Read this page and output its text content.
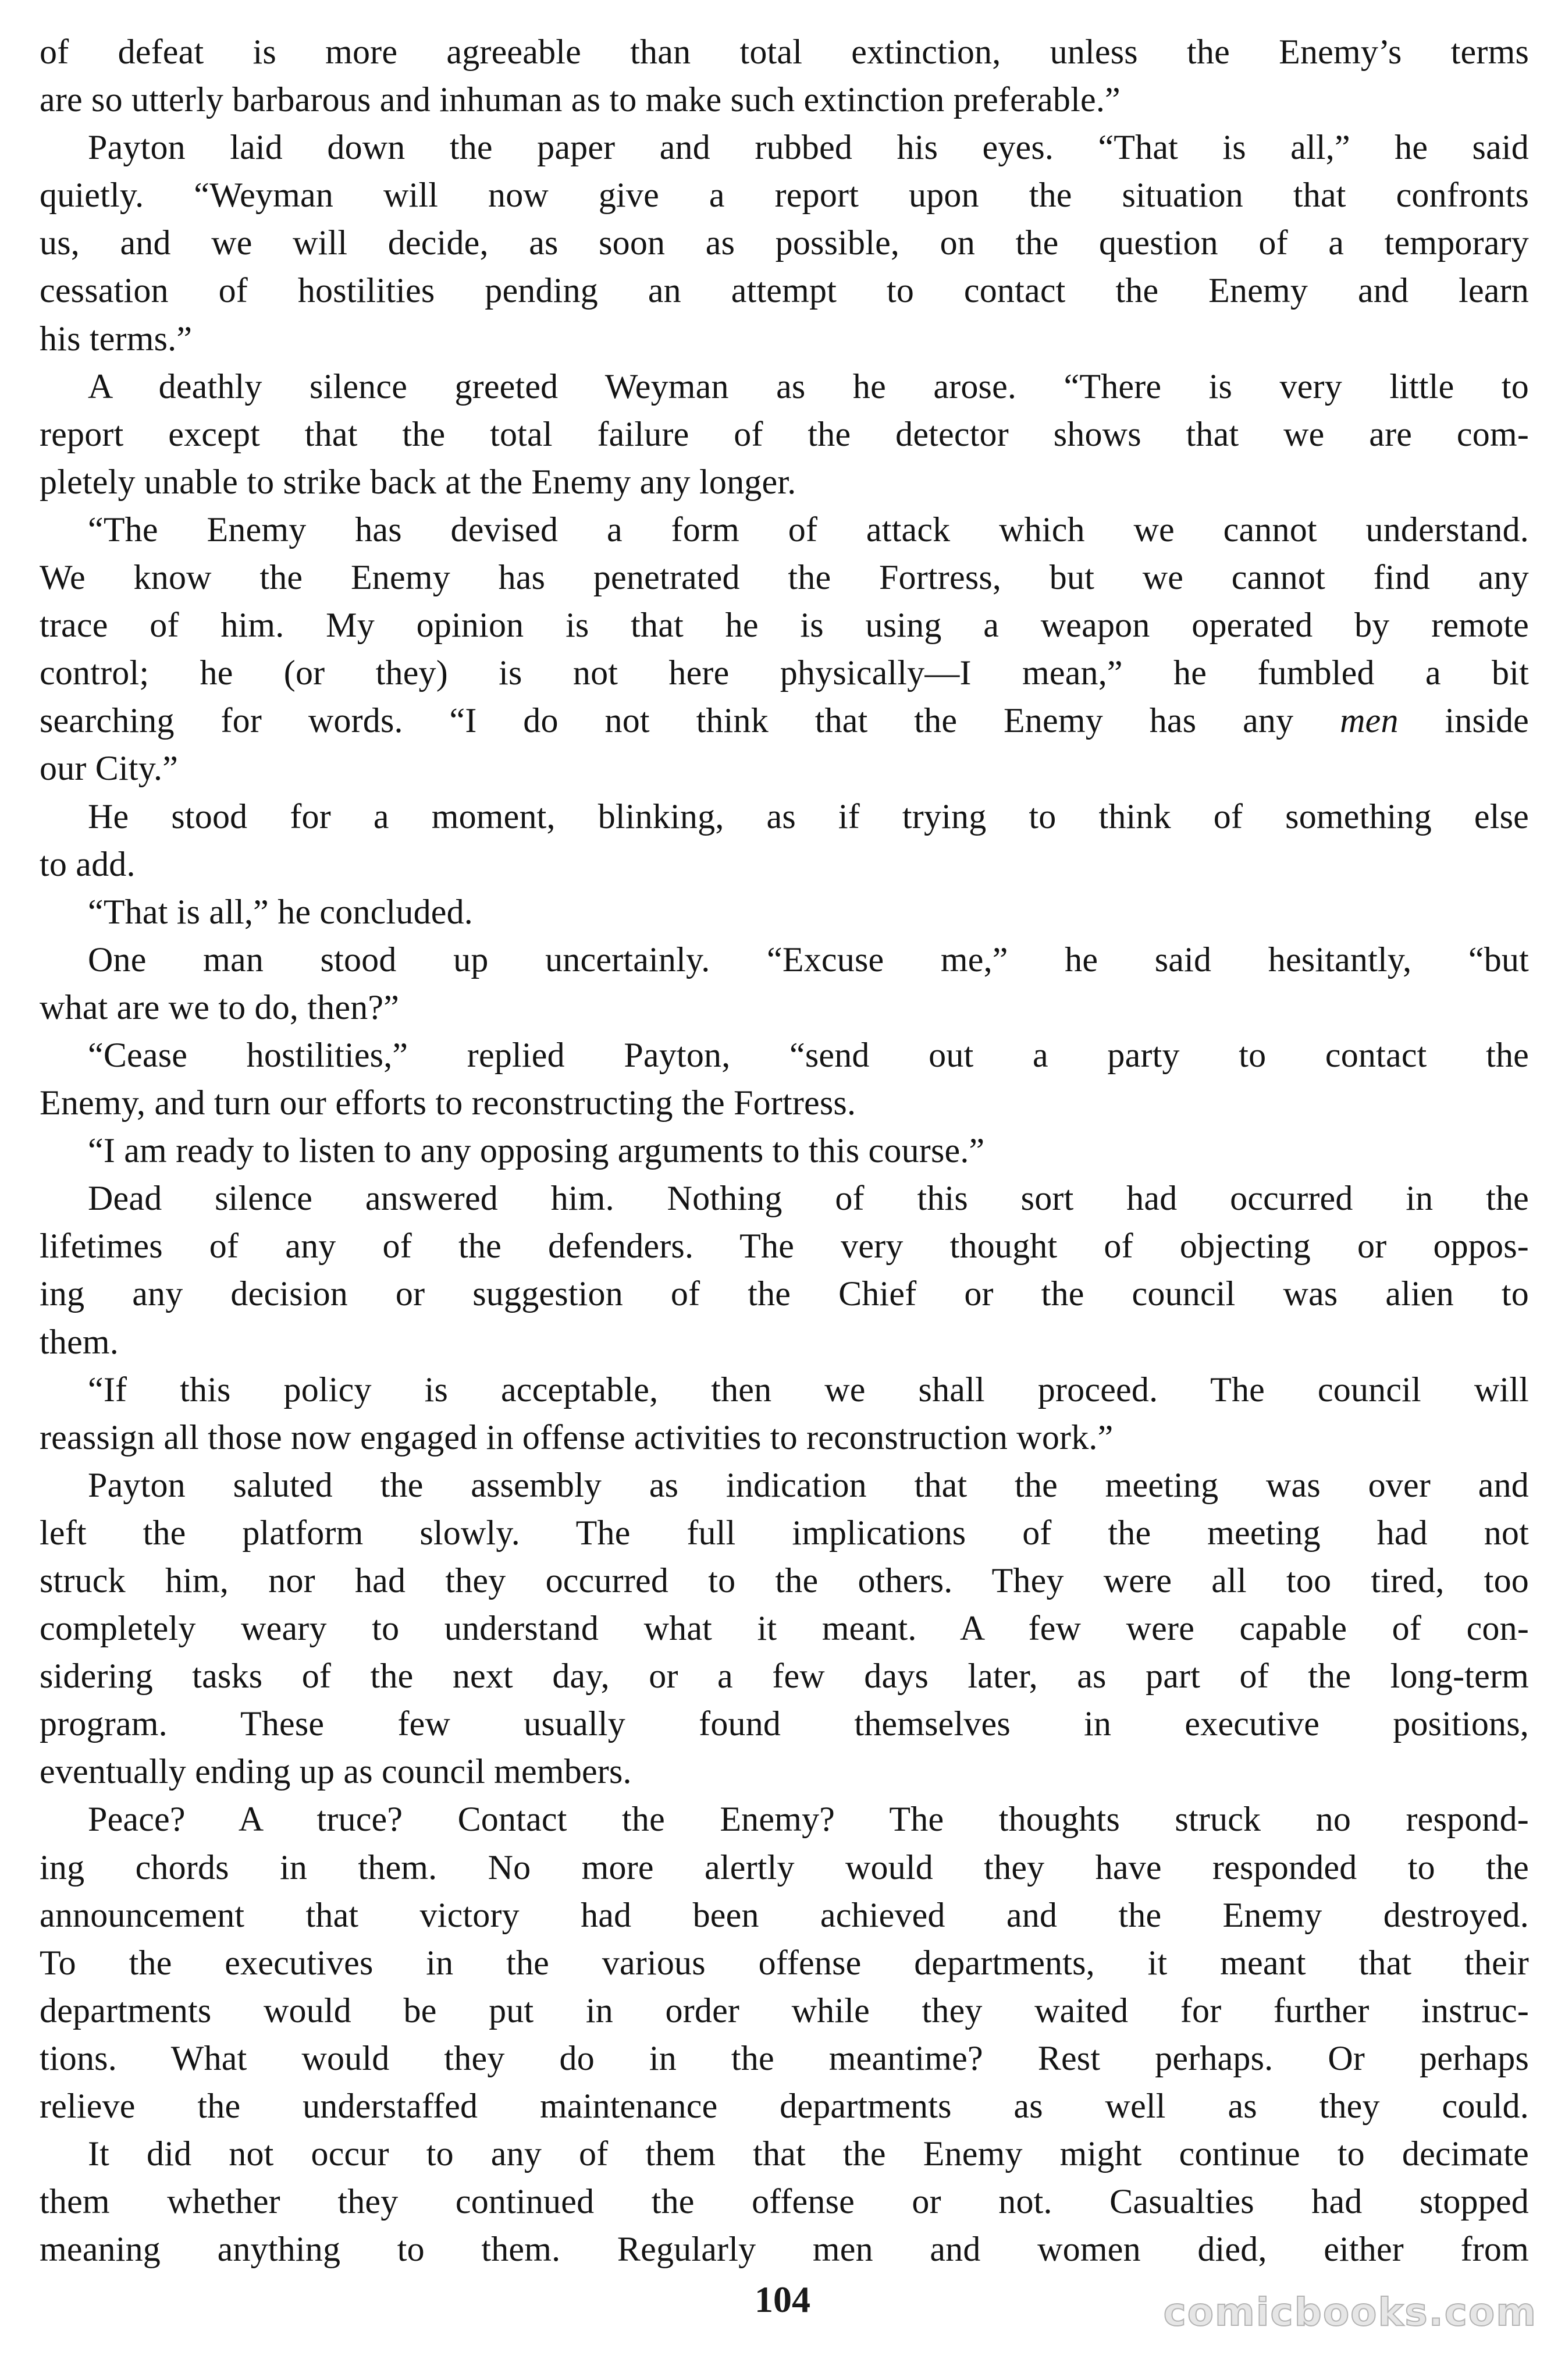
of defeat is more agreeable than total extinction, unless the Enemy’s terms
are so utterly barbarous and inhuman as to make such extinction preferable.”
Payton laid down the paper and rubbed his eyes. “That is all,” he said
quietly. “Weyman will now give a report upon the situation that confronts
us, and we will decide, as soon as possible, on the question of a temporary
cessation of hostilities pending an attempt to contact the Enemy and learn
his terms.”
A deathly silence greeted Weyman as he arose. “There is very little to
report except that the total failure of the detector shows that we are com-
pletely unable to strike back at the Enemy any longer.
“The Enemy has devised a form of attack which we cannot understand.
We know the Enemy has penetrated the Fortress, but we cannot find any
trace of him. My opinion is that he is using a weapon operated by remote
control; he (or they) is not here physically—I mean,” he fumbled a bit
searching for words. “I do not think that the Enemy has any men inside
our City.”
He stood for a moment, blinking, as if trying to think of something else
to add.
“That is all,” he concluded.
One man stood up uncertainly. “Excuse me,” he said hesitantly, “but
what are we to do, then?”
“Cease hostilities,” replied Payton, “send out a party to contact the
Enemy, and turn our efforts to reconstructing the Fortress.
“I am ready to listen to any opposing arguments to this course.”
Dead silence answered him. Nothing of this sort had occurred in the
lifetimes of any of the defenders. The very thought of objecting or oppos-
ing any decision or suggestion of the Chief or the council was alien to
them.
“If this policy is acceptable, then we shall proceed. The council will
reassign all those now engaged in offense activities to reconstruction work.”
Payton saluted the assembly as indication that the meeting was over and
left the platform slowly. The full implications of the meeting had not
struck him, nor had they occurred to the others. They were all too tired, too
completely weary to understand what it meant. A few were capable of con-
sidering tasks of the next day, or a few days later, as part of the long-term
program. These few usually found themselves in executive positions,
eventually ending up as council members.
Peace? A truce? Contact the Enemy? The thoughts struck no respond-
ing chords in them. No more alertly would they have responded to the
announcement that victory had been achieved and the Enemy destroyed.
To the executives in the various offense departments, it meant that their
departments would be put in order while they waited for further instruc-
tions. What would they do in the meantime? Rest perhaps. Or perhaps
relieve the understaffed maintenance departments as well as they could.
It did not occur to any of them that the Enemy might continue to decimate
them whether they continued the offense or not. Casualties had stopped
meaning anything to them. Regularly men and women died, either from
104	comicbooks.com
